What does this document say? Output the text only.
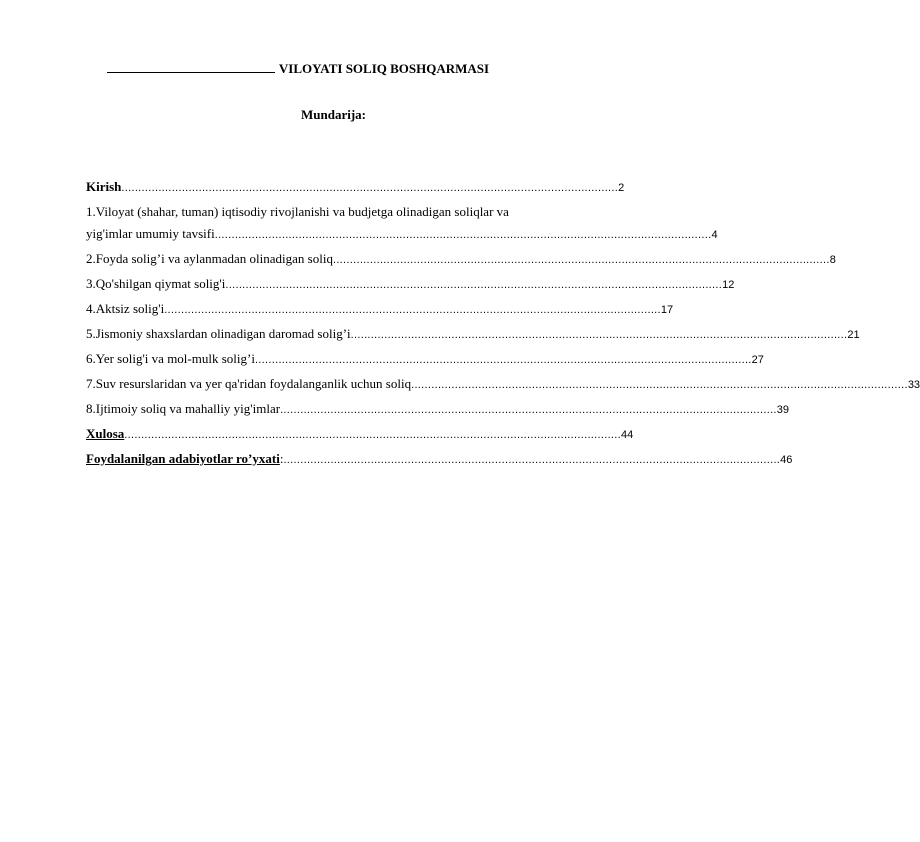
VILOYATI SOLIQ BOSHQARMASI
Mundarija:
Kirish .................................................................................................................................................... 2
1.Viloyat (shahar, tuman) iqtisodiy rivojlanishi va budjetga olinadigan soliqlar va
yig'imlar umumiy tavsifi .................................................................................................................................................... 4
2.Foyda solig’i va aylanmadan olinadigan soliq .................................................................................................................................................... 8
3.Qo'shilgan qiymat solig'i .................................................................................................................................................... 12
4.Aktsiz solig'i .................................................................................................................................................... 17
5.Jismoniy shaxslardan olinadigan daromad solig’i .................................................................................................................................................... 21
6.Yer solig'i va mol-mulk solig’i .................................................................................................................................................... 27
7.Suv resurslaridan va yer qa'ridan foydalanganlik uchun soliq .................................................................................................................................................... 33
8.Ijtimoiy soliq va mahalliy yig'imlar .................................................................................................................................................... 39
Xulosa .................................................................................................................................................... 44
Foydalanilgan adabiyotlar ro’yxati: .................................................................................................................................................... 46
